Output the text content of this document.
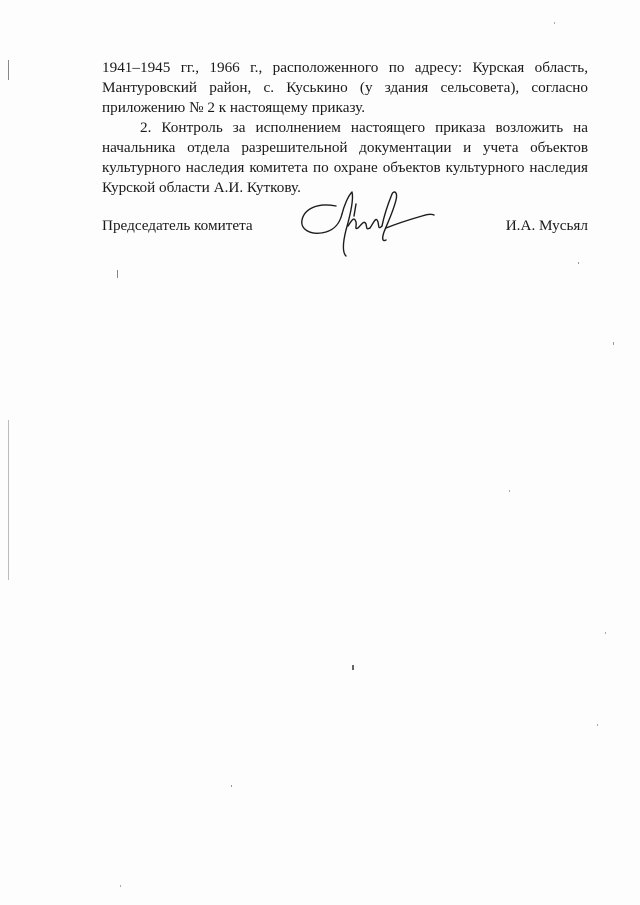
1941–1945 гг., 1966 г., расположенного по адресу: Курская область, Мантуровский район, с. Куськино (у здания сельсовета), согласно приложению № 2 к настоящему приказу.

2. Контроль за исполнением настоящего приказа возложить на начальника отдела разрешительной документации и учета объектов культурного наследия комитета по охране объектов культурного наследия Курской области А.И. Куткову.

Председатель комитета	И.А. Мусьял
